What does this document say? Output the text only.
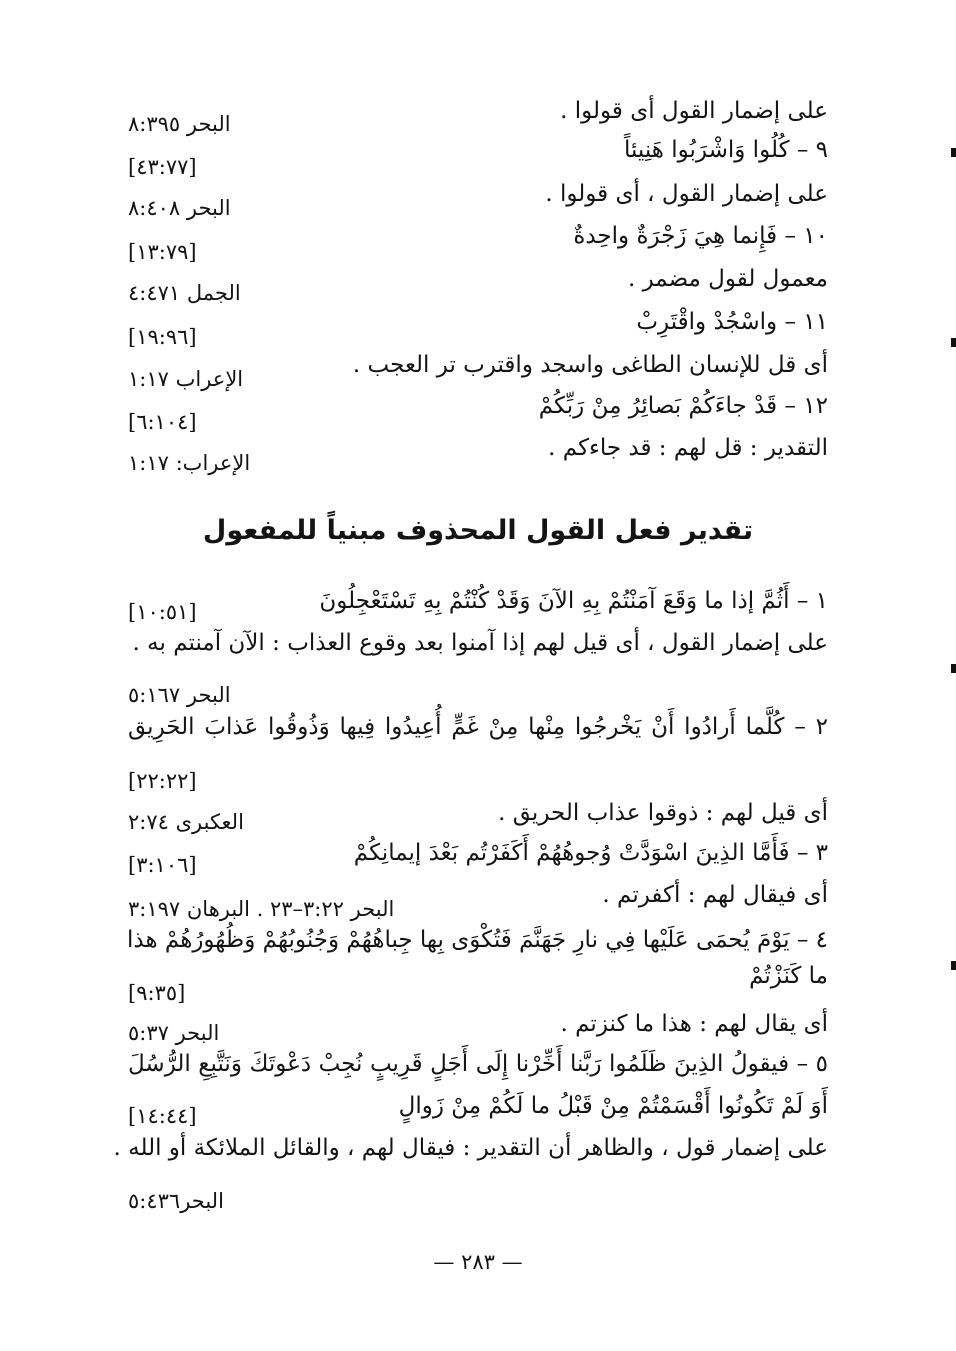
على إضمار القول أى قولوا .
البحر ٨:٣٩٥
٩ – كُلُوا وَاشْرَبُوا هَنِيئاً
[٤٣:٧٧]
على إضمار القول ، أى قولوا .
البحر ٨:٤٠٨
١٠ – فَإِنما هِيَ زَجْرَةٌ واحِدةٌ
[١٣:٧٩]
معمول لقول مضمر .
الجمل ٤:٤٧١
١١ – واسْجُدْ واقْتَرِبْ
[١٩:٩٦]
أى قل للإنسان الطاغى واسجد واقترب تر العجب .
الإعراب ١:١٧
١٢ – قَدْ جاءَكُمْ بَصائِرُ مِنْ رَبِّكُمْ
[٦:١٠٤]
التقدير : قل لهم : قد جاءكم .
الإعراب: ١:١٧
تقدير فعل القول المحذوف مبنياً للمفعول
١ – أَثُمَّ إذا ما وَقَعَ آمَنْتُمْ بِهِ الآنَ وَقَدْ كُنْتُمْ بِهِ تَسْتَعْجِلُونَ
[١٠:٥١]
على إضمار القول ، أى قيل لهم إذا آمنوا بعد وقوع العذاب : الآن آمنتم به .
البحر ٥:١٦٧
٢ – كُلَّما أَرادُوا أَنْ يَخْرجُوا مِنْها مِنْ غَمٍّ أُعِيدُوا فِيها وَذُوقُوا عَذابَ الحَرِيق
[٢٢:٢٢]
أى قيل لهم : ذوقوا عذاب الحريق .
العكبرى ٢:٧٤
٣ – فَأَمَّا الذِينَ اسْوَدَّتْ وُجوهُهُمْ أَكَفَرْتُم بَعْدَ إيمانِكُمْ
[٣:١٠٦]
أى فيقال لهم : أكفرتم .
البحر ٣:٢٢–٢٣ . البرهان ٣:١٩٧
٤ – يَوْمَ يُحمَى عَلَيْها فِي نارِ جَهَنَّمَ فَتُكْوَى بِها جِباهُهُمْ وَجُنُوبُهُمْ وَظُهُورُهُمْ هذا
ما كَنَزْتُمْ
[٩:٣٥]
أى يقال لهم : هذا ما كنزتم .
البحر ٥:٣٧
٥ – فيقولُ الذِينَ ظَلَمُوا رَبَّنا أَخِّرْنا إِلَى أَجَلٍ قَرِيبٍ نُجِبْ دَعْوتَكَ وَنَتَّبِعِ الرُّسُلَ
أَوَ لَمْ تَكُونُوا أَقْسَمْتُمْ مِنْ قَبْلُ ما لَكُمْ مِنْ زَوالٍ
[١٤:٤٤]
على إضمار قول ، والظاهر أن التقدير : فيقال لهم ، والقائل الملائكة أو الله .
البحر٥:٤٣٦
— ٢٨٣ —
